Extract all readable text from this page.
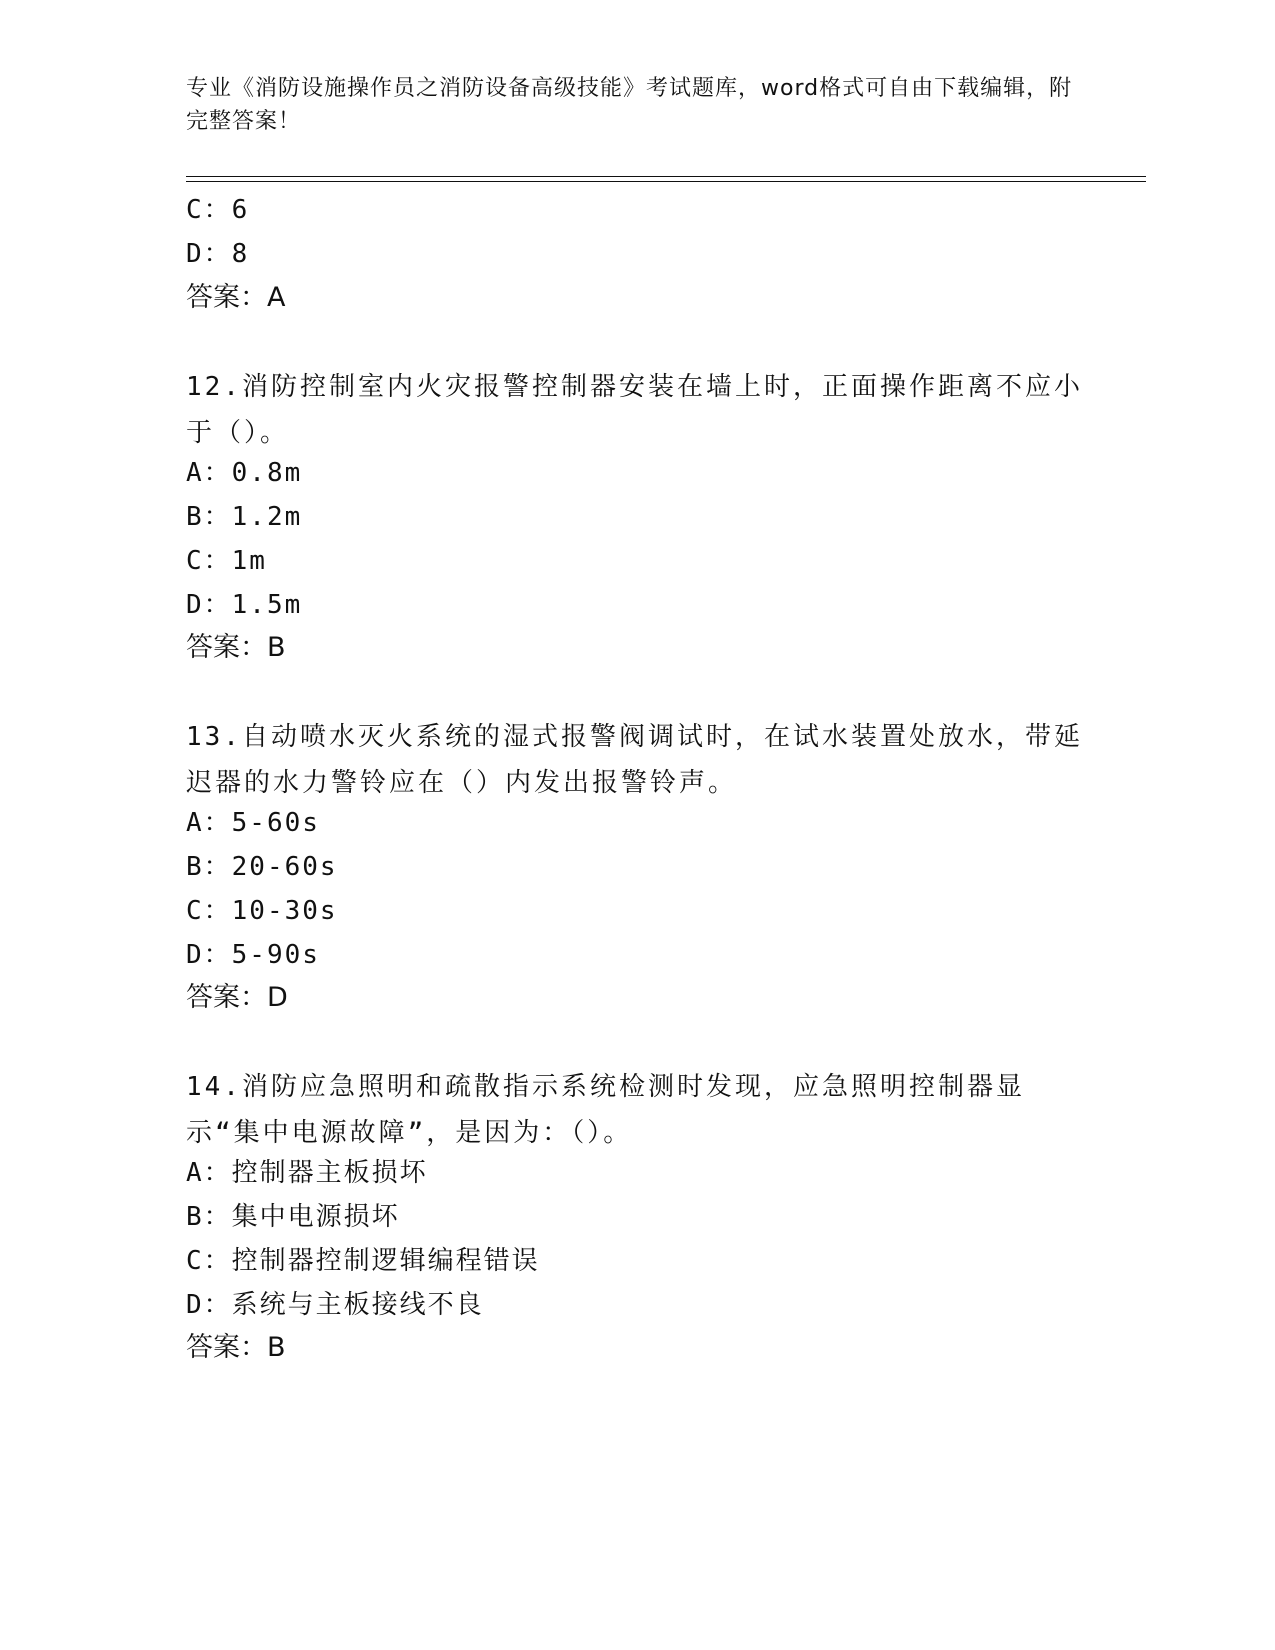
专业《消防设施操作员之消防设备高级技能》考试题库，word格式可自由下载编辑，附完整答案！

C：6
D：8
答案：A
12.消防控制室内火灾报警控制器安装在墙上时，正面操作距离不应小于（）。
A：0.8m
B：1.2m
C：1m
D：1.5m
答案：B
13.自动喷水灭火系统的湿式报警阀调试时，在试水装置处放水，带延迟器的水力警铃应在（）内发出报警铃声。
A：5-60s
B：20-60s
C：10-30s
D：5-90s
答案：D
14.消防应急照明和疏散指示系统检测时发现，应急照明控制器显示“集中电源故障”，是因为：（）。
A：控制器主板损坏
B：集中电源损坏
C：控制器控制逻辑编程错误
D：系统与主板接线不良
答案：B
